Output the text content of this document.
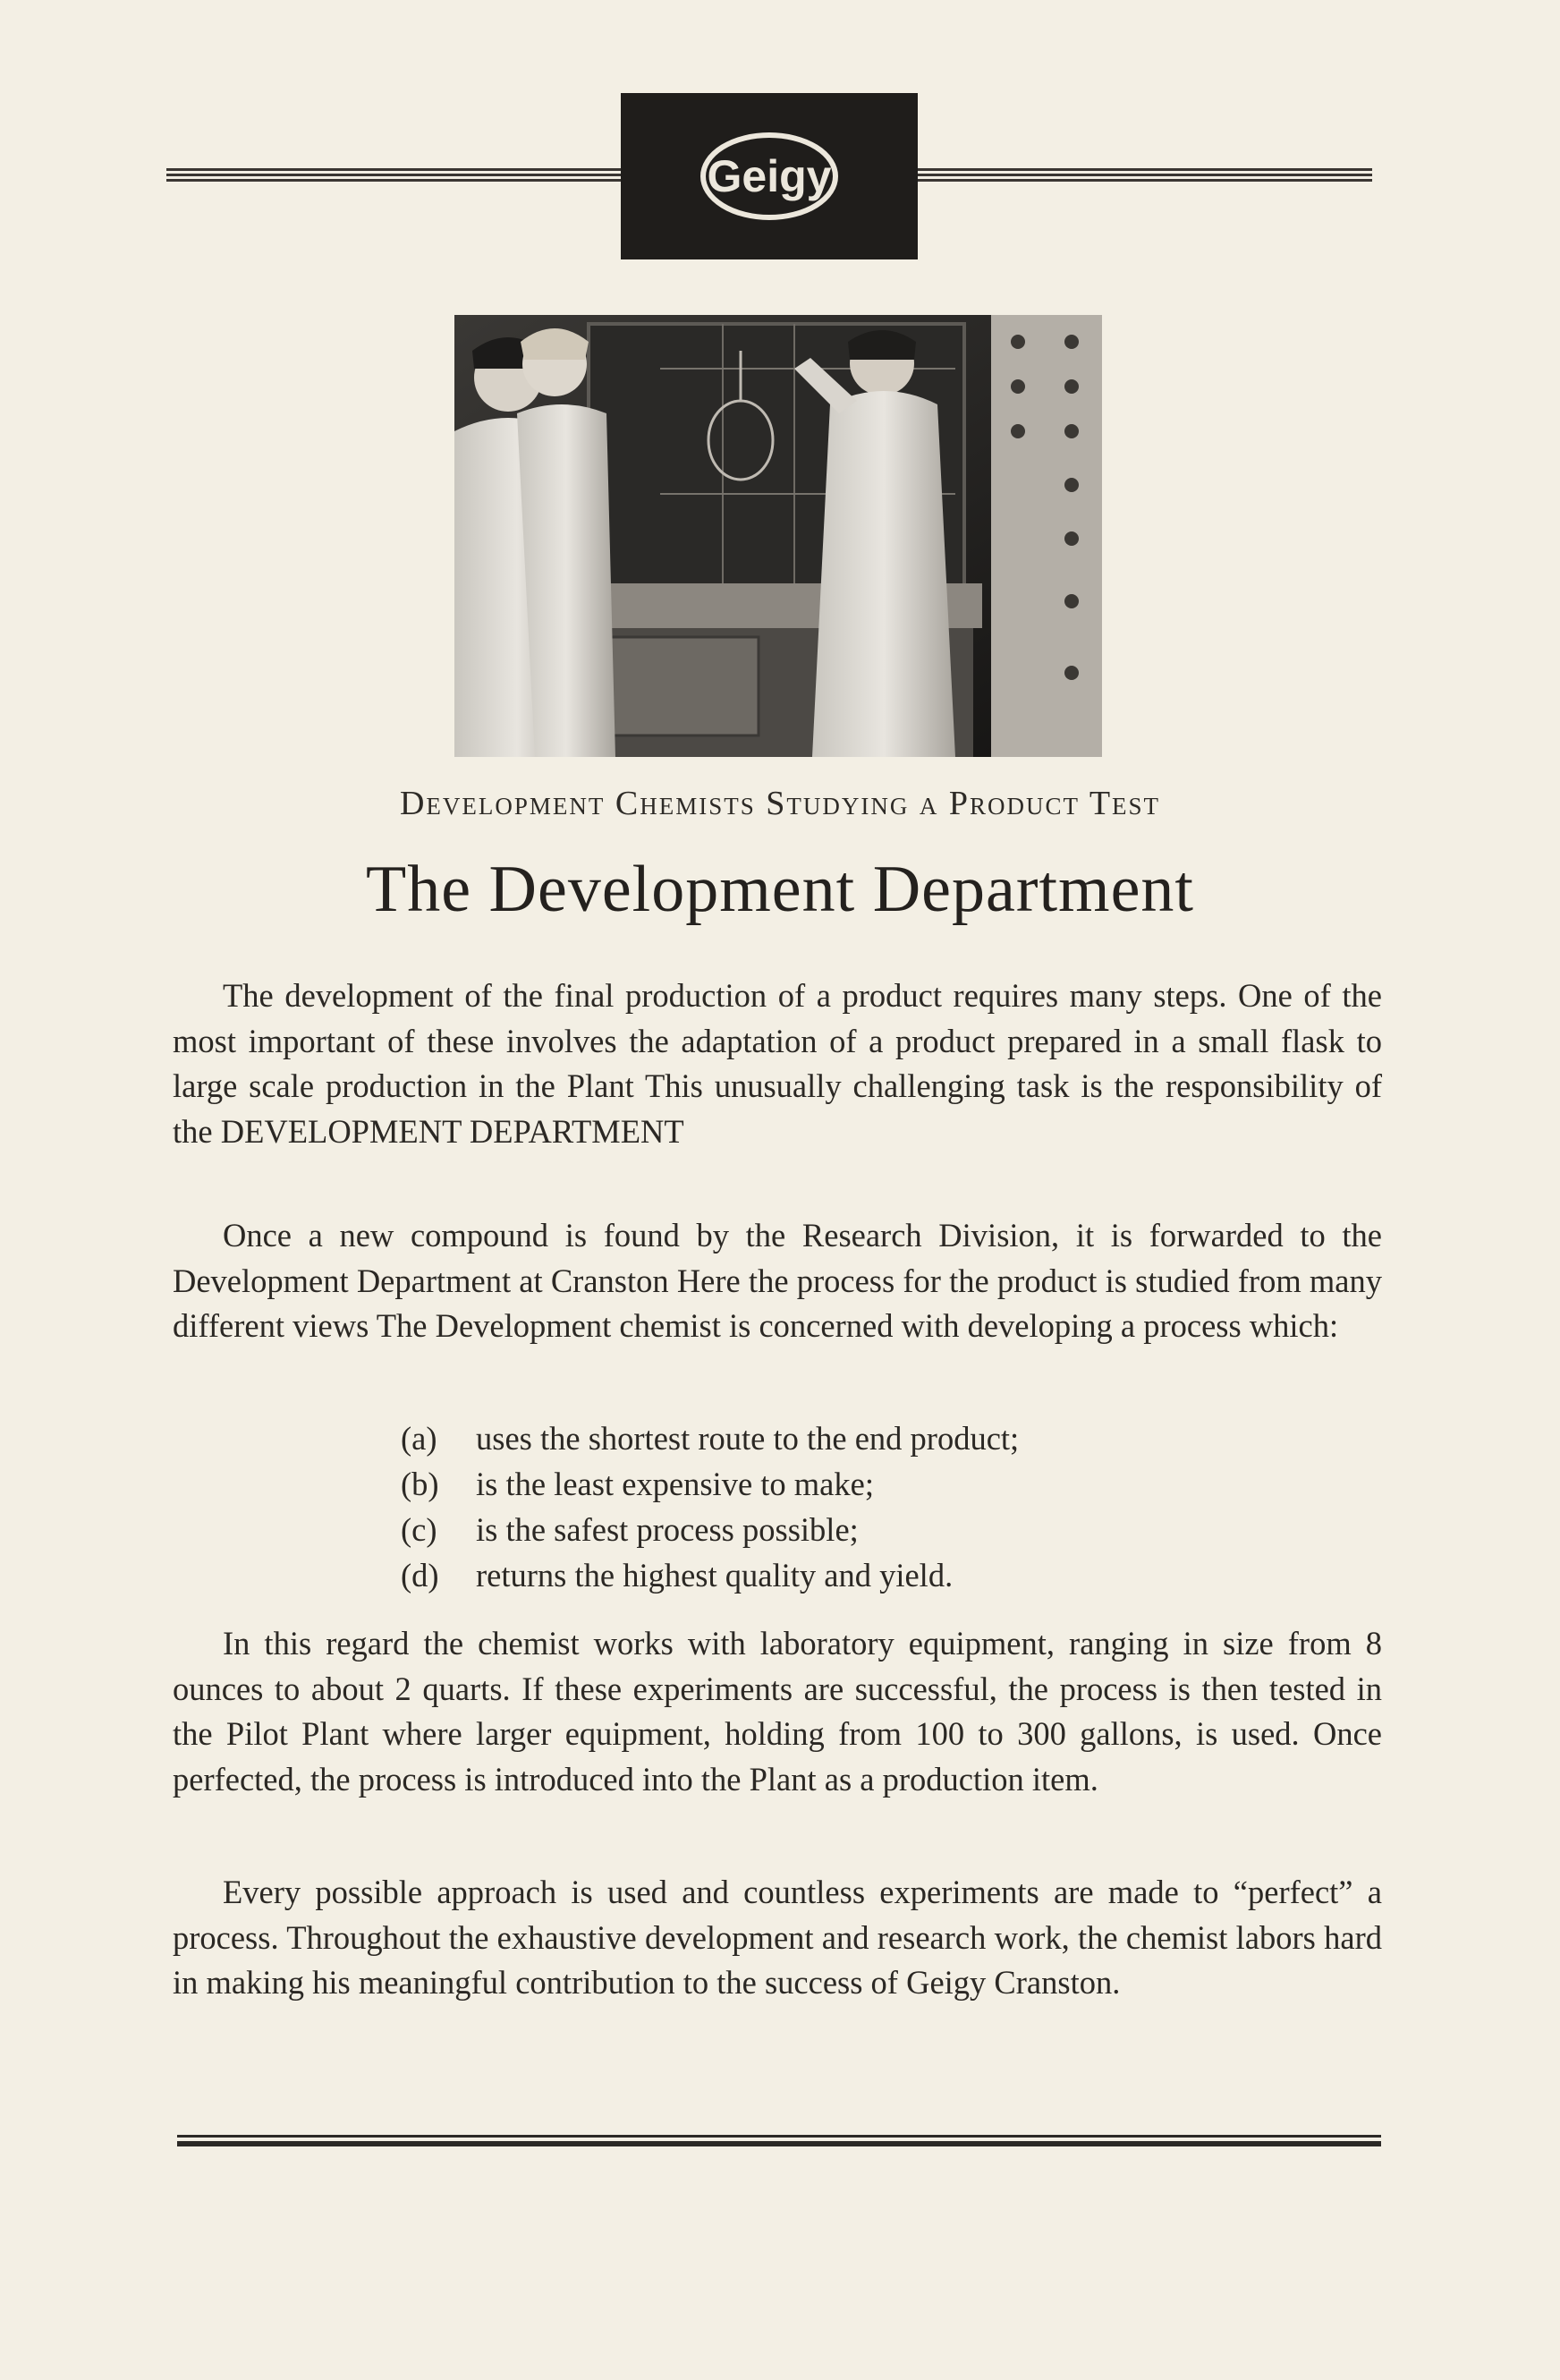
Geigy
Development Chemists Studying a Product Test
The Development Department

The development of the final production of a product requires many steps. One of the most important of these involves the adaptation of a product prepared in a small flask to large scale production in the Plant This unusually challenging task is the responsibility of the DEVELOPMENT DEPARTMENT

Once a new compound is found by the Research Division, it is forwarded to the Development Department at Cranston Here the process for the product is studied from many different views The Development chemist is concerned with developing a process which:

(a) uses the shortest route to the end product;
(b) is the least expensive to make;
(c) is the safest process possible;
(d) returns the highest quality and yield.

In this regard the chemist works with laboratory equipment, ranging in size from 8 ounces to about 2 quarts. If these experiments are successful, the process is then tested in the Pilot Plant where larger equipment, holding from 100 to 300 gallons, is used. Once perfected, the process is introduced into the Plant as a production item.

Every possible approach is used and countless experiments are made to “perfect” a process. Throughout the exhaustive development and research work, the chemist labors hard in making his meaningful contribution to the success of Geigy Cranston.
